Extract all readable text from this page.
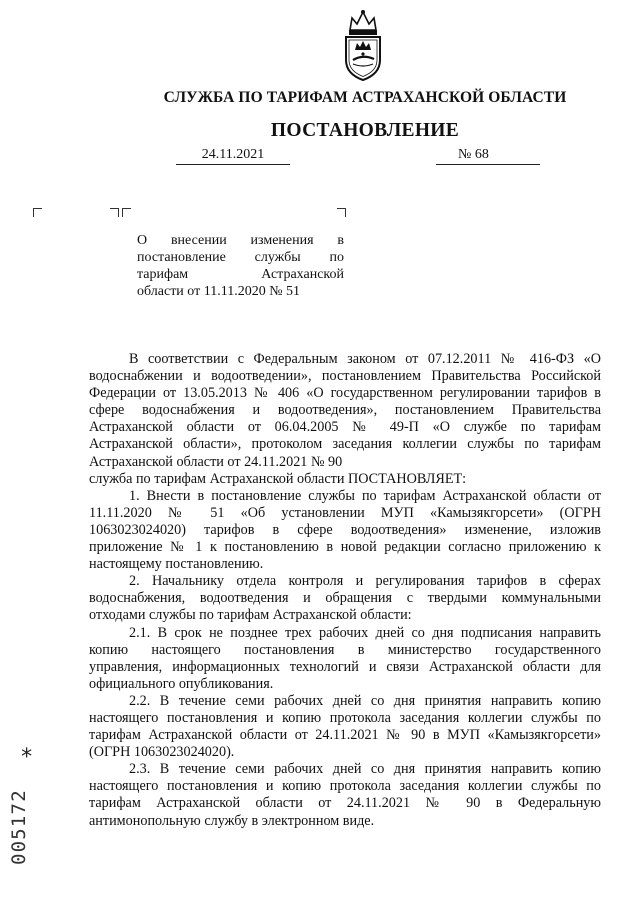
СЛУЖБА ПО ТАРИФАМ АСТРАХАНСКОЙ ОБЛАСТИ
ПОСТАНОВЛЕНИЕ
24.11.2021	№ 68
О внесении изменения в
постановление службы по
тарифам Астраханской
области от 11.11.2020 № 51
В соответствии с Федеральным законом от 07.12.2011 № 416-ФЗ «О
водоснабжении и водоотведении», постановлением Правительства Российской
Федерации от 13.05.2013 № 406 «О государственном регулировании тарифов в
сфере водоснабжения и водоотведения», постановлением Правительства
Астраханской области от 06.04.2005 № 49-П «О службе по тарифам
Астраханской области», протоколом заседания коллегии службы по тарифам
Астраханской области от 24.11.2021 № 90
служба по тарифам Астраханской области ПОСТАНОВЛЯЕТ:
1. Внести в постановление службы по тарифам Астраханской области от
11.11.2020 № 51 «Об установлении МУП «Камызякгорсети» (ОГРН
1063023024020) тарифов в сфере водоотведения» изменение, изложив
приложение № 1 к постановлению в новой редакции согласно приложению к
настоящему постановлению.
2. Начальнику отдела контроля и регулирования тарифов в сферах
водоснабжения, водоотведения и обращения с твердыми коммунальными
отходами службы по тарифам Астраханской области:
2.1. В срок не позднее трех рабочих дней со дня подписания направить
копию настоящего постановления в министерство государственного
управления, информационных технологий и связи Астраханской области для
официального опубликования.
2.2. В течение семи рабочих дней со дня принятия направить копию
настоящего постановления и копию протокола заседания коллегии службы по
тарифам Астраханской области от 24.11.2021 № 90 в МУП «Камызякгорсети»
(ОГРН 1063023024020).
2.3. В течение семи рабочих дней со дня принятия направить копию
настоящего постановления и копию протокола заседания коллегии службы по
тарифам Астраханской области от 24.11.2021 № 90 в Федеральную
антимонопольную службу в электронном виде.
*
005172
